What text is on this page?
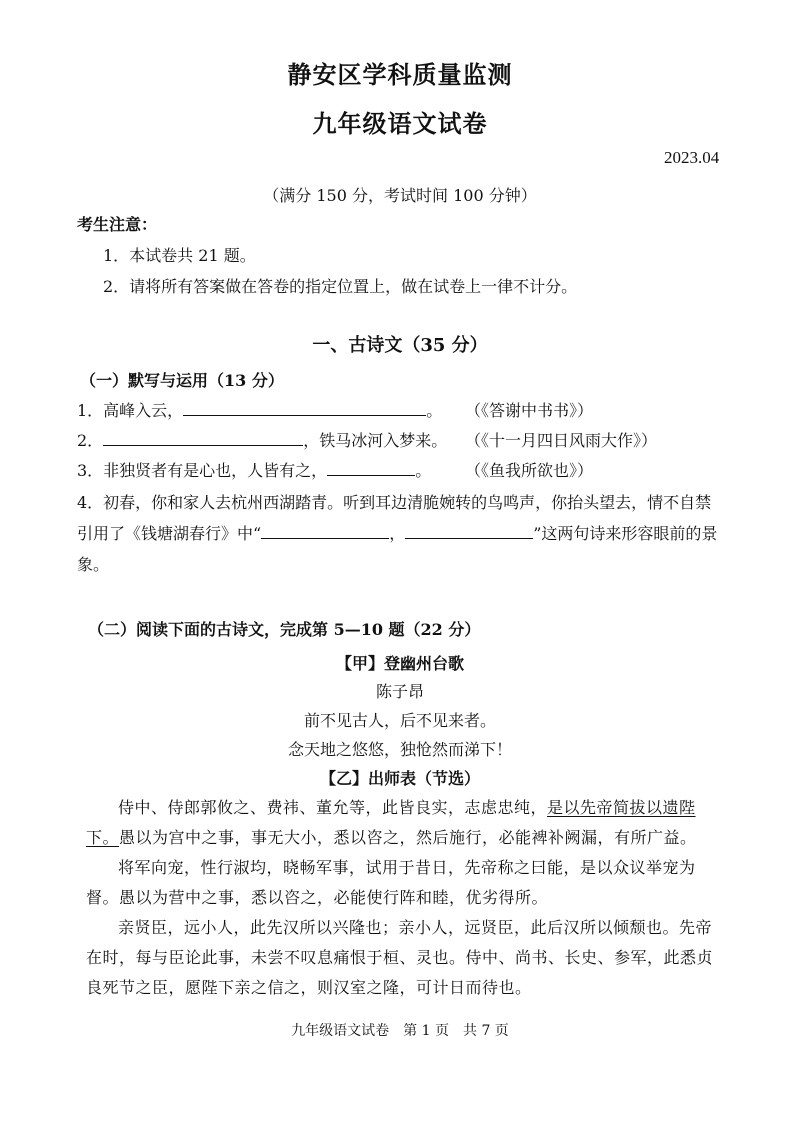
静安区学科质量监测
九年级语文试卷
2023.04
（满分 150 分，考试时间 100 分钟）
考生注意：
1．本试卷共 21 题。
2．请将所有答案做在答卷的指定位置上，做在试卷上一律不计分。
一、古诗文（35 分）
（一）默写与运用（13 分）
1．高峰入云，	。 （《答谢中书书》）
2．	，铁马冰河入梦来。 （《十一月四日风雨大作》）
3．非独贤者有是心也，人皆有之，	。 （《鱼我所欲也》）
4．初春，你和家人去杭州西湖踏青。听到耳边清脆婉转的鸟鸣声，你抬头望去，情不自禁引用了《钱塘湖春行》中“	，	”这两句诗来形容眼前的景象。
（二）阅读下面的古诗文，完成第 5—10 题（22 分）
【甲】登幽州台歌
陈子昂
前不见古人，后不见来者。
念天地之悠悠，独怆然而涕下！
【乙】出师表（节选）
侍中、侍郎郭攸之、费祎、董允等，此皆良实，志虑忠纯，是以先帝简拔以遗陛下。愚以为宫中之事，事无大小，悉以咨之，然后施行，必能裨补阙漏，有所广益。
将军向宠，性行淑均，晓畅军事，试用于昔日，先帝称之曰能，是以众议举宠为督。愚以为营中之事，悉以咨之，必能使行阵和睦，优劣得所。
亲贤臣，远小人，此先汉所以兴隆也；亲小人，远贤臣，此后汉所以倾颓也。先帝在时，每与臣论此事，未尝不叹息痛恨于桓、灵也。侍中、尚书、长史、参军，此悉贞良死节之臣，愿陛下亲之信之，则汉室之隆，可计日而待也。
九年级语文试卷　第 1 页　共 7 页
